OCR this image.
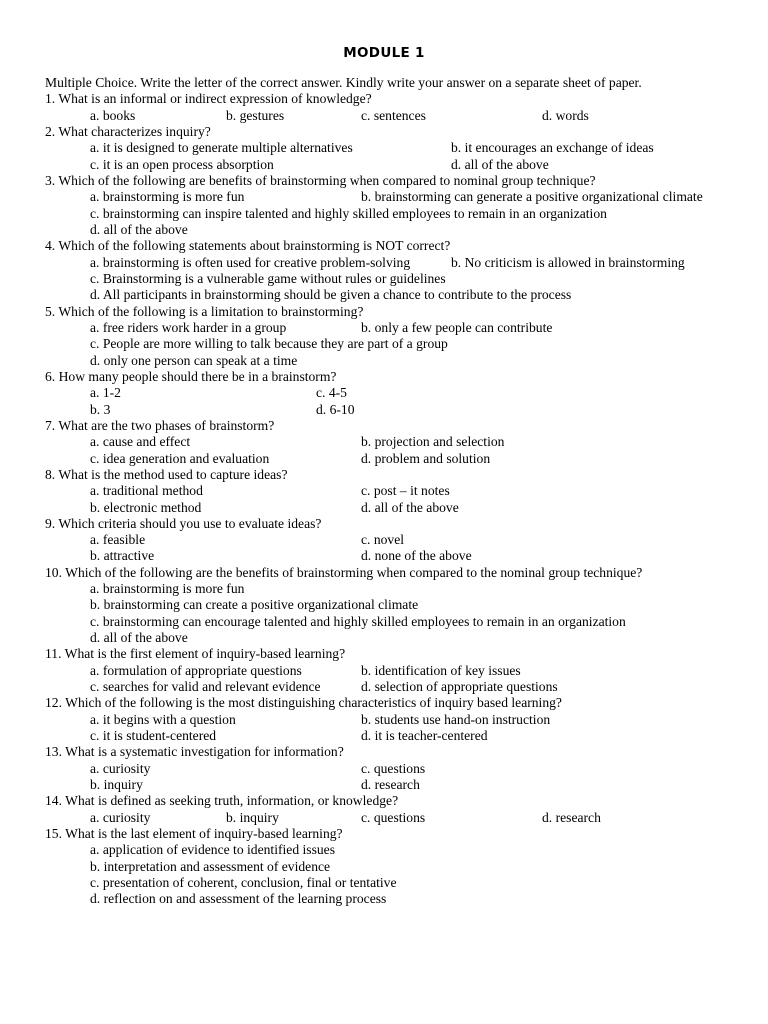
MODULE 1
Multiple Choice. Write the letter of the correct answer. Kindly write your answer on a separate sheet of paper.
1. What is an informal or indirect expression of knowledge?
a. books	b. gestures	c. sentences	d. words
2. What characterizes inquiry?
a. it is designed to generate multiple alternatives	b. it encourages an exchange of ideas
c. it is an open process absorption	d. all of the above
3. Which of the following are benefits of brainstorming when compared to nominal group technique?
a. brainstorming is more fun	b. brainstorming can generate a positive organizational climate
c. brainstorming can inspire talented and highly skilled employees to remain in an organization
d. all of the above
4. Which of the following statements about brainstorming is NOT correct?
a. brainstorming is often used for creative problem-solving	b. No criticism is allowed in brainstorming
c. Brainstorming is a vulnerable game without rules or guidelines
d. All participants in brainstorming should be given a chance to contribute to the process
5. Which of the following is a limitation to brainstorming?
a. free riders work harder in a group	b. only a few people can contribute
c. People are more willing to talk because they are part of a group
d. only one person can speak at a time
6. How many people should there be in a brainstorm?
a. 1-2	c. 4-5
b. 3	d. 6-10
7. What are the two phases of brainstorm?
a. cause and effect	b. projection and selection
c. idea generation and evaluation	d. problem and solution
8. What is the method used to capture ideas?
a. traditional method	c. post – it notes
b. electronic method	d. all of the above
9. Which criteria should you use to evaluate ideas?
a. feasible	c. novel
b. attractive	d. none of the above
10. Which of the following are the benefits of brainstorming when compared to the nominal group technique?
a. brainstorming is more fun
b. brainstorming can create a positive organizational climate
c. brainstorming can encourage talented and highly skilled employees to remain in an organization
d. all of the above
11. What is the first element of inquiry-based learning?
a. formulation of appropriate questions	b. identification of key issues
c. searches for valid and relevant evidence	d. selection of appropriate questions
12. Which of the following is the most distinguishing characteristics of inquiry based learning?
a. it begins with a question	b. students use hand-on instruction
c. it is student-centered	d. it is teacher-centered
13. What is a systematic investigation for information?
a. curiosity	c. questions
b. inquiry	d. research
14. What is defined as seeking truth, information, or knowledge?
a. curiosity	b. inquiry	c. questions	d. research
15. What is the last element of inquiry-based learning?
a. application of evidence to identified issues
b. interpretation and assessment of evidence
c. presentation of coherent, conclusion, final or tentative
d. reflection on and assessment of the learning process
